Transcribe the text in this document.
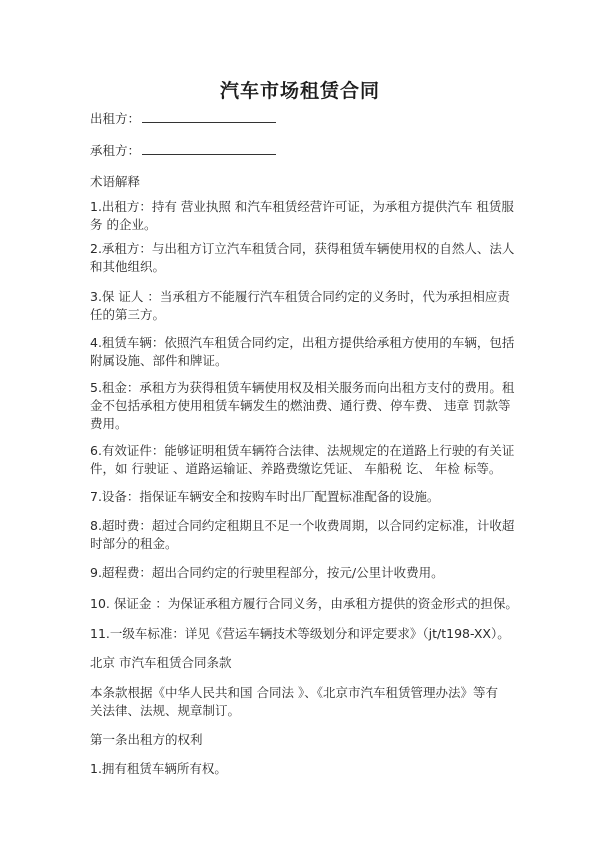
汽车市场租赁合同
出租方：
承租方：
术语解释
1.出租方：持有 营业执照 和汽车租赁经营许可证，为承租方提供汽车 租赁服
务 的企业。
2.承租方：与出租方订立汽车租赁合同，获得租赁车辆使用权的自然人、法人
和其他组织。
3.保 证人 ：当承租方不能履行汽车租赁合同约定的义务时，代为承担相应责
任的第三方。
4.租赁车辆：依照汽车租赁合同约定，出租方提供给承租方使用的车辆，包括
附属设施、部件和牌证。
5.租金：承租方为获得租赁车辆使用权及相关服务而向出租方支付的费用。租
金不包括承租方使用租赁车辆发生的燃油费、通行费、停车费、 违章 罚款等
费用。
6.有效证件：能够证明租赁车辆符合法律、法规规定的在道路上行驶的有关证
件，如 行驶证 、道路运输证、养路费缴讫凭证、 车船税 讫、 年检 标等。
7.设备：指保证车辆安全和按购车时出厂配置标准配备的设施。
8.超时费：超过合同约定租期且不足一个收费周期，以合同约定标准，计收超
时部分的租金。
9.超程费：超出合同约定的行驶里程部分，按元/公里计收费用。
10. 保证金 ：为保证承租方履行合同义务，由承租方提供的资金形式的担保。
11.一级车标准：详见《营运车辆技术等级划分和评定要求》（jt/t198-XX）。
北京 市汽车租赁合同条款
本条款根据《中华人民共和国 合同法 》、《北京市汽车租赁管理办法》等有
关法律、法规、规章制订。
第一条出租方的权利
1.拥有租赁车辆所有权。
